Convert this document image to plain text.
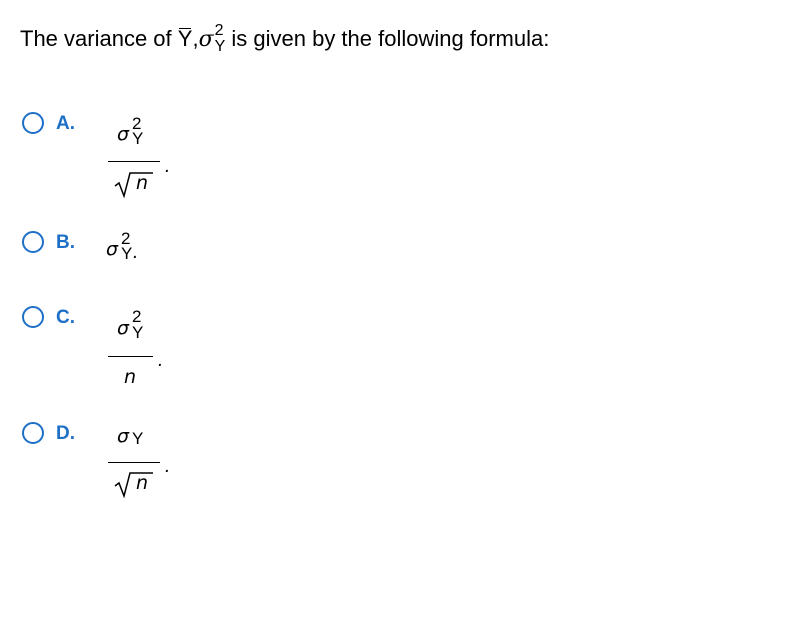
The variance of Y,σ 2
Y is given by the following formula:
A. σ 2
Y
n
.
B. σ 2
Y .
C. σ
2
Y
n
.
D. σ Y
n
.
